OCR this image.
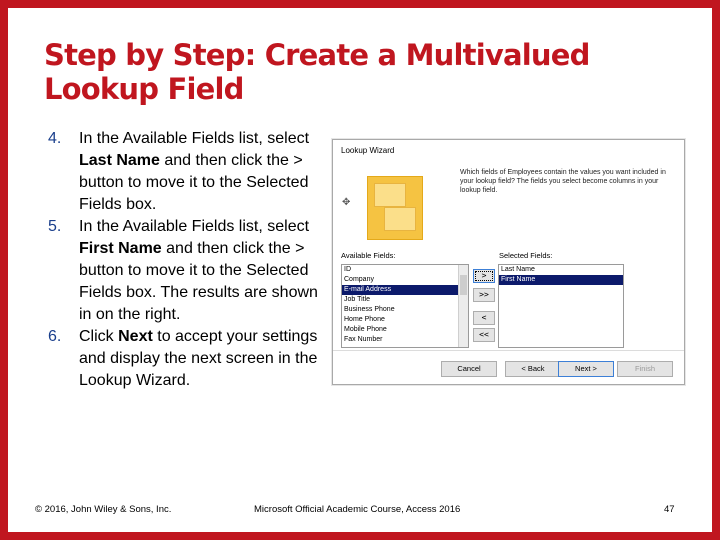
Step by Step: Create a Multivalued Lookup Field
4. In the Available Fields list, select Last Name and then click the > button to move it to the Selected Fields box.
5. In the Available Fields list, select First Name and then click the > button to move it to the Selected Fields box. The results are shown in on the right.
6. Click Next to accept your settings and display the next screen in the Lookup Wizard.
Lookup Wizard
✥
Which fields of Employees contain the values you want included in your lookup field? The fields you select become columns in your lookup field.
Available Fields:	Selected Fields:
ID
Company
E-mail Address
Job Title
Business Phone
Home Phone
Mobile Phone
Fax Number
>
>>
<
<<
Last Name
First Name
Cancel	< Back	Next >	Finish
© 2016, John Wiley & Sons, Inc.	Microsoft Official Academic Course, Access 2016	47
